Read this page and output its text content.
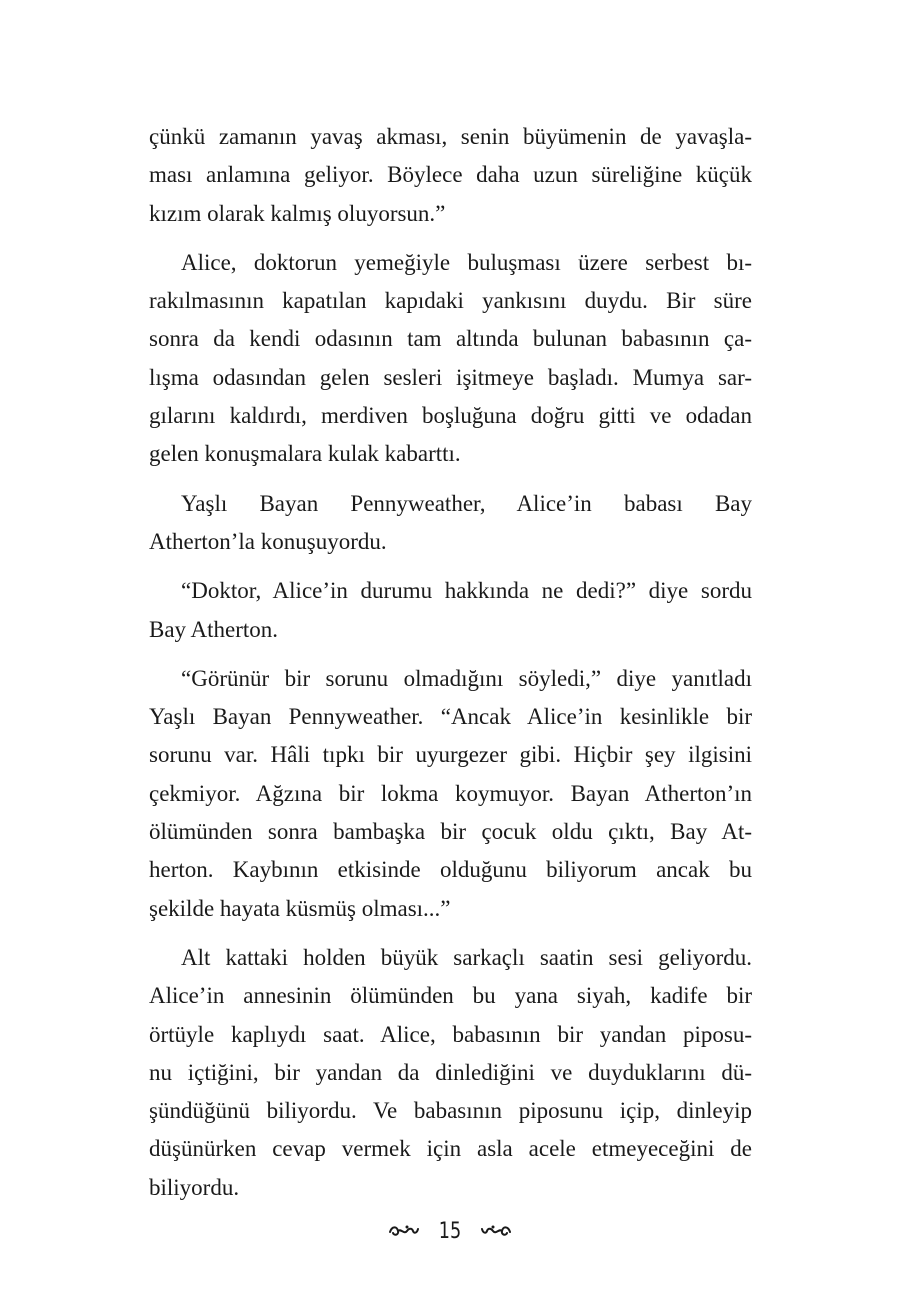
çünkü zamanın yavaş akması, senin büyümenin de yavaşla-
ması anlamına geliyor. Böylece daha uzun süreliğine küçük
kızım olarak kalmış oluyorsun.”

Alice, doktorun yemeğiyle buluşması üzere serbest bı-
rakılmasının kapatılan kapıdaki yankısını duydu. Bir süre
sonra da kendi odasının tam altında bulunan babasının ça-
lışma odasından gelen sesleri işitmeye başladı. Mumya sar-
gılarını kaldırdı, merdiven boşluğuna doğru gitti ve odadan
gelen konuşmalara kulak kabarttı.

Yaşlı Bayan Pennyweather, Alice’in babası Bay
Atherton’la konuşuyordu.

“Doktor, Alice’in durumu hakkında ne dedi?” diye sordu
Bay Atherton.

“Görünür bir sorunu olmadığını söyledi,” diye yanıtladı
Yaşlı Bayan Pennyweather. “Ancak Alice’in kesinlikle bir
sorunu var. Hâli tıpkı bir uyurgezer gibi. Hiçbir şey ilgisini
çekmiyor. Ağzına bir lokma koymuyor. Bayan Atherton’ın
ölümünden sonra bambaşka bir çocuk oldu çıktı, Bay At-
herton. Kaybının etkisinde olduğunu biliyorum ancak bu
şekilde hayata küsmüş olması...”

Alt kattaki holden büyük sarkaçlı saatin sesi geliyordu.
Alice’in annesinin ölümünden bu yana siyah, kadife bir
örtüyle kaplıydı saat. Alice, babasının bir yandan piposu-
nu içtiğini, bir yandan da dinlediğini ve duyduklarını dü-
şündüğünü biliyordu. Ve babasının piposunu içip, dinleyip
düşünürken cevap vermek için asla acele etmeyeceğini de
biliyordu.

15
